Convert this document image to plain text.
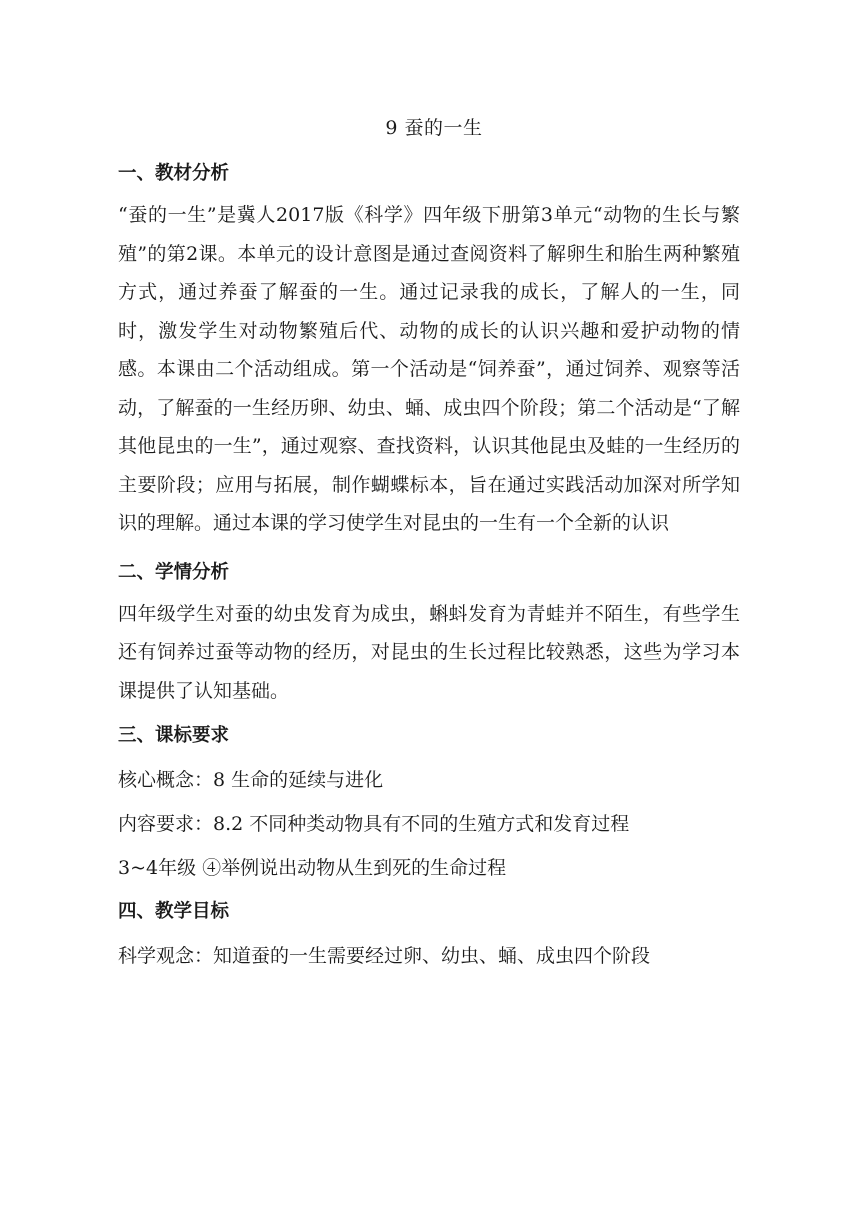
9 蚕的一生

一、教材分析

“蚕的一生”是冀人2017版《科学》四年级下册第3单元“动物的生长与繁殖”的第2课。本单元的设计意图是通过查阅资料了解卵生和胎生两种繁殖方式，通过养蚕了解蚕的一生。通过记录我的成长，了解人的一生，同时，激发学生对动物繁殖后代、动物的成长的认识兴趣和爱护动物的情感。本课由二个活动组成。第一个活动是“饲养蚕”，通过饲养、观察等活动，了解蚕的一生经历卵、幼虫、蛹、成虫四个阶段；第二个活动是“了解其他昆虫的一生”，通过观察、查找资料，认识其他昆虫及蛙的一生经历的主要阶段；应用与拓展，制作蝴蝶标本，旨在通过实践活动加深对所学知识的理解。通过本课的学习使学生对昆虫的一生有一个全新的认识

二、学情分析

四年级学生对蚕的幼虫发育为成虫，蝌蚪发育为青蛙并不陌生，有些学生还有饲养过蚕等动物的经历，对昆虫的生长过程比较熟悉，这些为学习本课提供了认知基础。

三、课标要求

核心概念：8 生命的延续与进化

内容要求：8.2 不同种类动物具有不同的生殖方式和发育过程

3~4年级 ④举例说出动物从生到死的生命过程

四、教学目标

科学观念：知道蚕的一生需要经过卵、幼虫、蛹、成虫四个阶段
